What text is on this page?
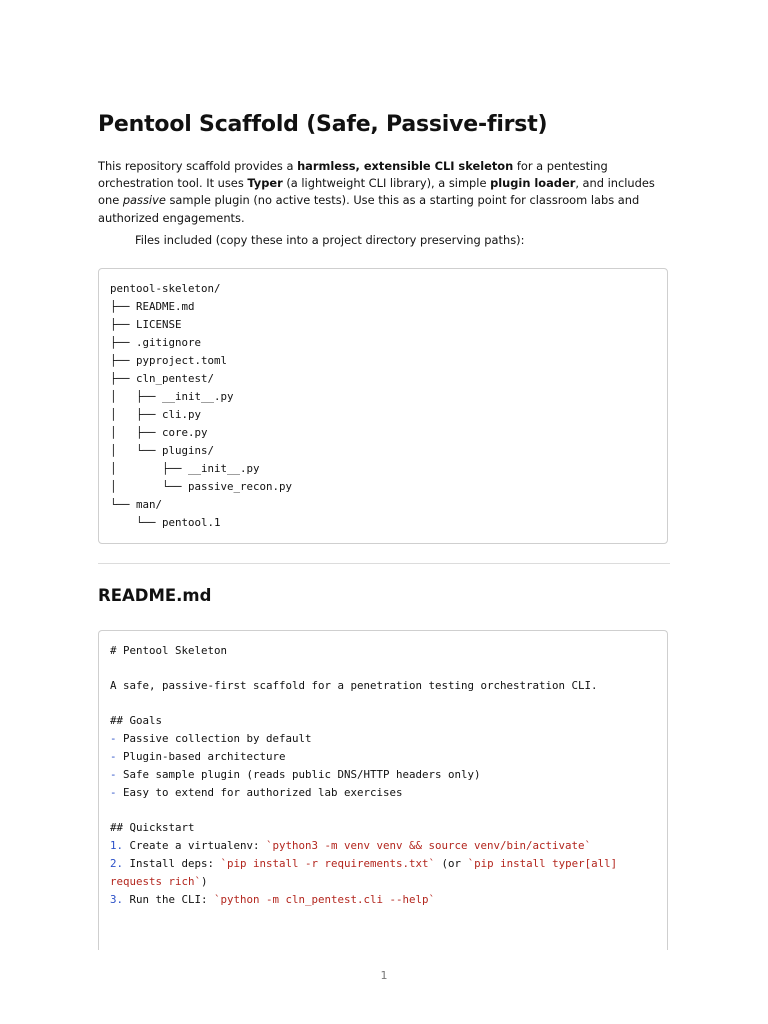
Pentool Scaffold (Safe, Passive-first)

This repository scaffold provides a harmless, extensible CLI skeleton for a pentesting orchestration tool. It uses Typer (a lightweight CLI library), a simple plugin loader, and includes one passive sample plugin (no active tests). Use this as a starting point for classroom labs and authorized engagements.

Files included (copy these into a project directory preserving paths):

pentool-skeleton/
├── README.md
├── LICENSE
├── .gitignore
├── pyproject.toml
├── cln_pentest/
│   ├── __init__.py
│   ├── cli.py
│   ├── core.py
│   └── plugins/
│       ├── __init__.py
│       └── passive_recon.py
└── man/
└── pentool.1
README.md
# Pentool Skeleton
A safe, passive-first scaffold for a penetration testing orchestration CLI.
## Goals
- Passive collection by default
- Plugin-based architecture
- Safe sample plugin (reads public DNS/HTTP headers only)
- Easy to extend for authorized lab exercises
## Quickstart
1. Create a virtualenv: `python3 -m venv venv && source venv/bin/activate`
2. Install deps: `pip install -r requirements.txt` (or `pip install typer[all]
requests rich`)
3. Run the CLI: `python -m cln_pentest.cli --help`
1
